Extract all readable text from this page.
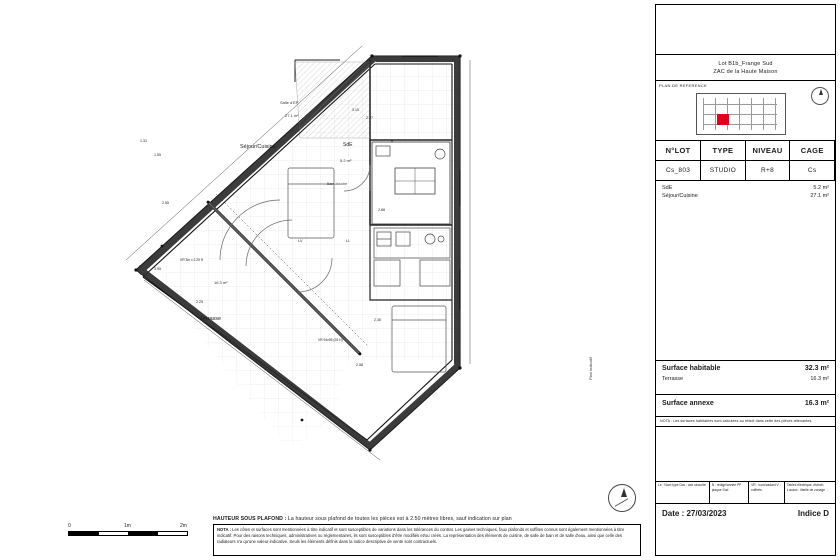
Séjour/Cuisine
Terrasse
SdE
Salle d'EP
27.1 m²
5.2 m²
16.3 m²
Bain-douche
LV	LL
1.55
1.31
2.55
3.95
2.25
3.10
2.77
2.88
2.36
2.58
VR 94x95 (25 H)
VR 3m x 2.25 H
Plan indicatif
0	1m	2m
HAUTEUR SOUS PLAFOND : La hauteur sous plafond de toutes les pièces est à 2.50 mètres libres, sauf indication sur plan
NOTA : Les côtes et surfaces sont mentionnées à titre indicatif et sont susceptibles de variations dans les tolérances du contrat. Les gaines techniques, faux plafonds et soffites connus sont également mentionnées à titre indicatif. Pour des raisons techniques, administratives ou réglementaires, ils sont susceptibles d'être modifiés et/ou créés. La représentation des éléments de cuisine, de salle de bain et de salle d'eau, ainsi que celle des radiateurs n'a qu'une valeur indicative. Seuls les éléments définis dans la notice descriptive de vente sont contractuels.
Lot B1b_Frange Sud
ZAC de la Haute Maison
PLAN DE REFERENCE
N°LOT	TYPE	NIVEAU	CAGE
Cs_803	STUDIO	R+8	Cs
SdE	5.2 m²
Séjour/Cuisine	27.1 m²
Surface habitable	32.3 m²
Terrasse	16.3 m²
Surface annexe	16.3 m²
NOTA : Les surfaces habitables sont calculées au réduit dans cette des pièces attenantes.
Le : Nom type Doc : axe sécurité	N : rédigé/année PP plaque Sud
VR : nom/cadant V : coffrets
Tables électrique, étanch. Locaux : libellé de zonage
Date : 27/03/2023	Indice D
